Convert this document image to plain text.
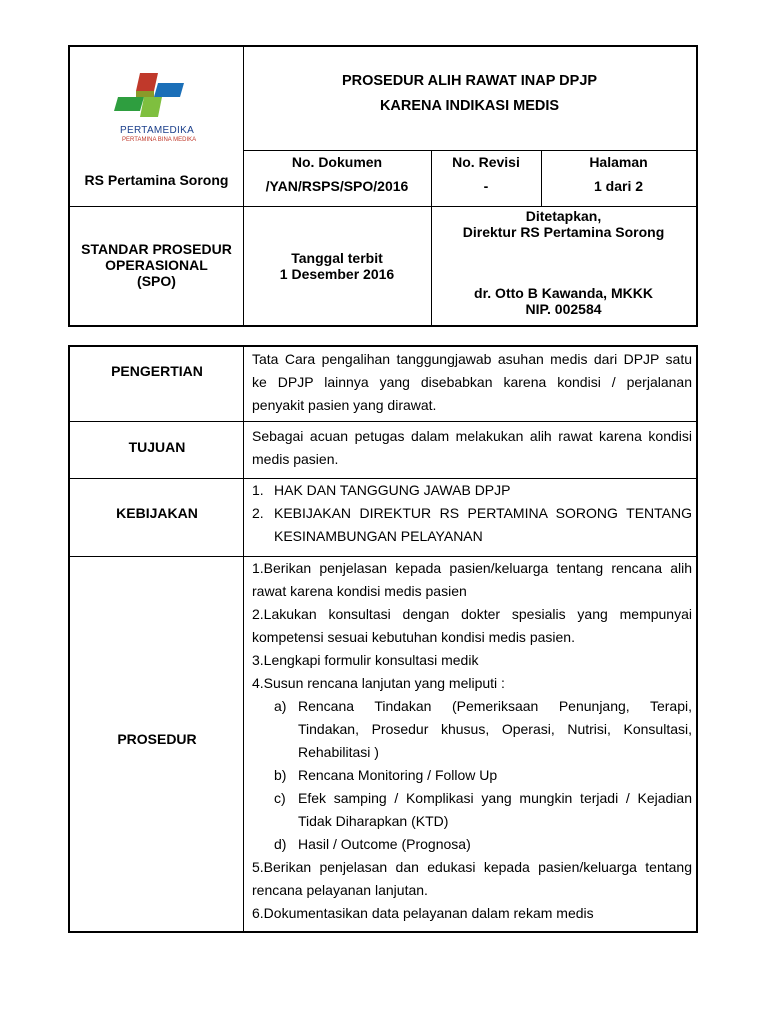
PERTAMEDIKA
PERTAMINA BINA MEDIKA
RS Pertamina Sorong
PROSEDUR ALIH RAWAT INAP DPJP
KARENA INDIKASI MEDIS
No. Dokumen
/YAN/RSPS/SPO/2016
No. Revisi
-
Halaman
1 dari 2
STANDAR PROSEDUR
OPERASIONAL
(SPO)
Tanggal terbit
1 Desember 2016
Ditetapkan,
Direktur RS Pertamina Sorong
dr. Otto B Kawanda, MKKK
NIP. 002584
PENGERTIAN

Tata Cara pengalihan tanggungjawab asuhan medis dari DPJP satu

ke DPJP lainnya yang disebabkan karena kondisi / perjalanan

penyakit pasien yang dirawat.

TUJUAN

Sebagai acuan petugas dalam melakukan alih rawat karena kondisi

medis pasien.

KEBIJAKAN
1. HAK DAN TANGGUNG JAWAB DPJP

2. KEBIJAKAN DIREKTUR RS PERTAMINA SORONG TENTANG

KESINAMBUNGAN PELAYANAN

PROSEDUR

1.Berikan penjelasan kepada pasien/keluarga tentang rencana alih

rawat karena kondisi medis pasien

2.Lakukan konsultasi dengan dokter spesialis yang mempunyai

kompetensi sesuai kebutuhan kondisi medis pasien.

3.Lengkapi formulir konsultasi medik

4.Susun rencana lanjutan yang meliputi :

a) Rencana Tindakan (Pemeriksaan Penunjang, Terapi,

Tindakan, Prosedur khusus, Operasi, Nutrisi, Konsultasi,

Rehabilitasi )

b) Rencana Monitoring / Follow Up

c) Efek samping / Komplikasi yang mungkin terjadi / Kejadian

Tidak Diharapkan (KTD)

d) Hasil / Outcome (Prognosa)

5.Berikan penjelasan dan edukasi kepada pasien/keluarga tentang

rencana pelayanan lanjutan.

6.Dokumentasikan data pelayanan dalam rekam medis
